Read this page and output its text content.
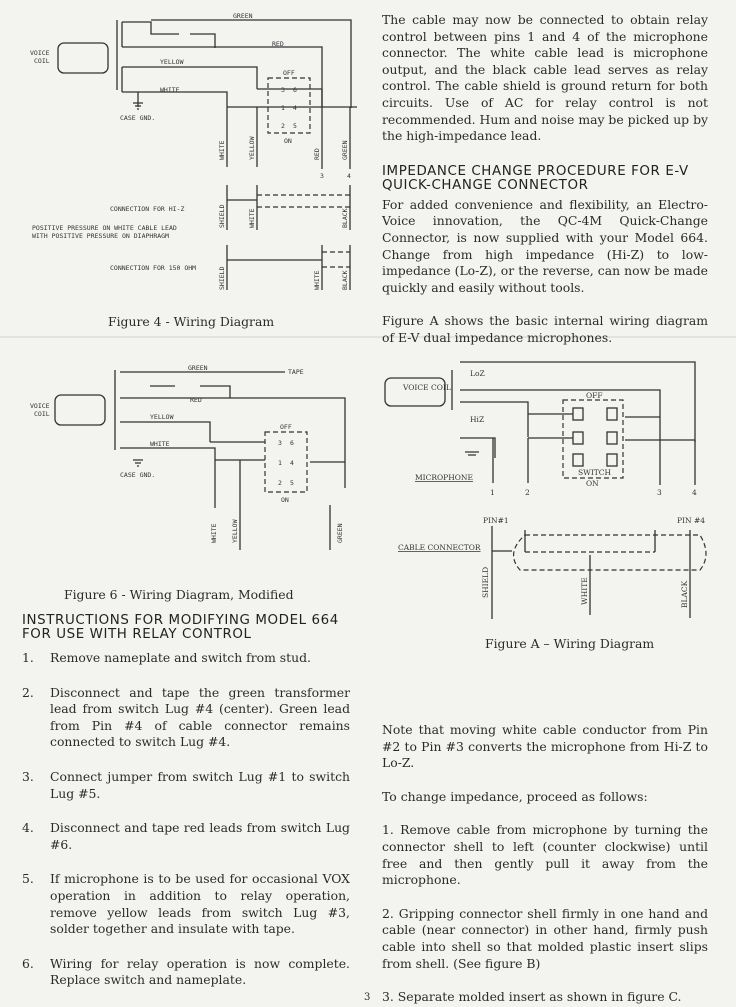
VOICE
COIL
GREEN
RED
YELLOW
WHITE
CASE GND.
OFF
ON
3 6
1 4
2 5
WHITE	YELLOW	RED	GREEN
3	4
CONNECTION FOR HI-Z
POSITIVE PRESSURE ON WHITE CABLE LEAD
WITH POSITIVE PRESSURE ON DIAPHRAGM
SHIELD	WHITE	BLACK
CONNECTION FOR 150 OHM	SHIELD	WHITE	BLACK
Figure 4 - Wiring Diagram
VOICE
COIL
GREEN	TAPE
RED
YELLOW
WHITE
CASE GND.
OFF
ON
3 6
1 4
2 5
WHITE YELLOW	GREEN
Figure 6 - Wiring Diagram, Modified
INSTRUCTIONS FOR MODIFYING MODEL 664 FOR USE WITH RELAY CONTROL
1.	Remove nameplate and switch from stud.
2.	Disconnect and tape the green transformer lead from switch Lug #4 (center). Green lead from Pin #4 of cable connector remains connected to switch Lug #4.
3.	Connect jumper from switch Lug #1 to switch Lug #5.
4.	Disconnect and tape red leads from switch Lug #6.
5.	If microphone is to be used for occasional VOX operation in addition to relay operation, remove yellow leads from switch Lug #3, solder together and insulate with tape.
6.	Wiring for relay operation is now complete. Replace switch and nameplate.

The cable may now be connected to obtain relay control between pins 1 and 4 of the microphone connector. The white cable lead is microphone output, and the black cable lead serves as relay control. The cable shield is ground return for both circuits. Use of AC for relay control is not recommended. Hum and noise may be picked up by the high-impedance lead.

IMPEDANCE CHANGE PROCEDURE FOR E-V QUICK-CHANGE CONNECTOR

For added convenience and flexibility, an Electro-Voice innovation, the QC-4M Quick-Change Connector, is now supplied with your Model 664. Change from high impedance (Hi-Z) to low-impedance (Lo-Z), or the reverse, can now be made quickly and easily without tools.

Figure A shows the basic internal wiring diagram of E-V dual impedance microphones.

VOICE COIL
LoZ
HiZ
OFF
SWITCH
ON
MICROPHONE
1	2	3	4
PIN#1	PIN #4
CABLE CONNECTOR
SHIELD	WHITE	BLACK
Figure A – Wiring Diagram

Note that moving white cable conductor from Pin #2 to Pin #3 converts the microphone from Hi-Z to Lo-Z.

To change impedance, proceed as follows:

1. Remove cable from microphone by turning the connector shell to left (counter clockwise) until free and then gently pull it away from the microphone.

2. Gripping connector shell firmly in one hand and cable (near connector) in other hand, firmly push cable into shell so that molded plastic insert slips from shell. (See figure B)

3. Separate molded insert as shown in figure C.

3
